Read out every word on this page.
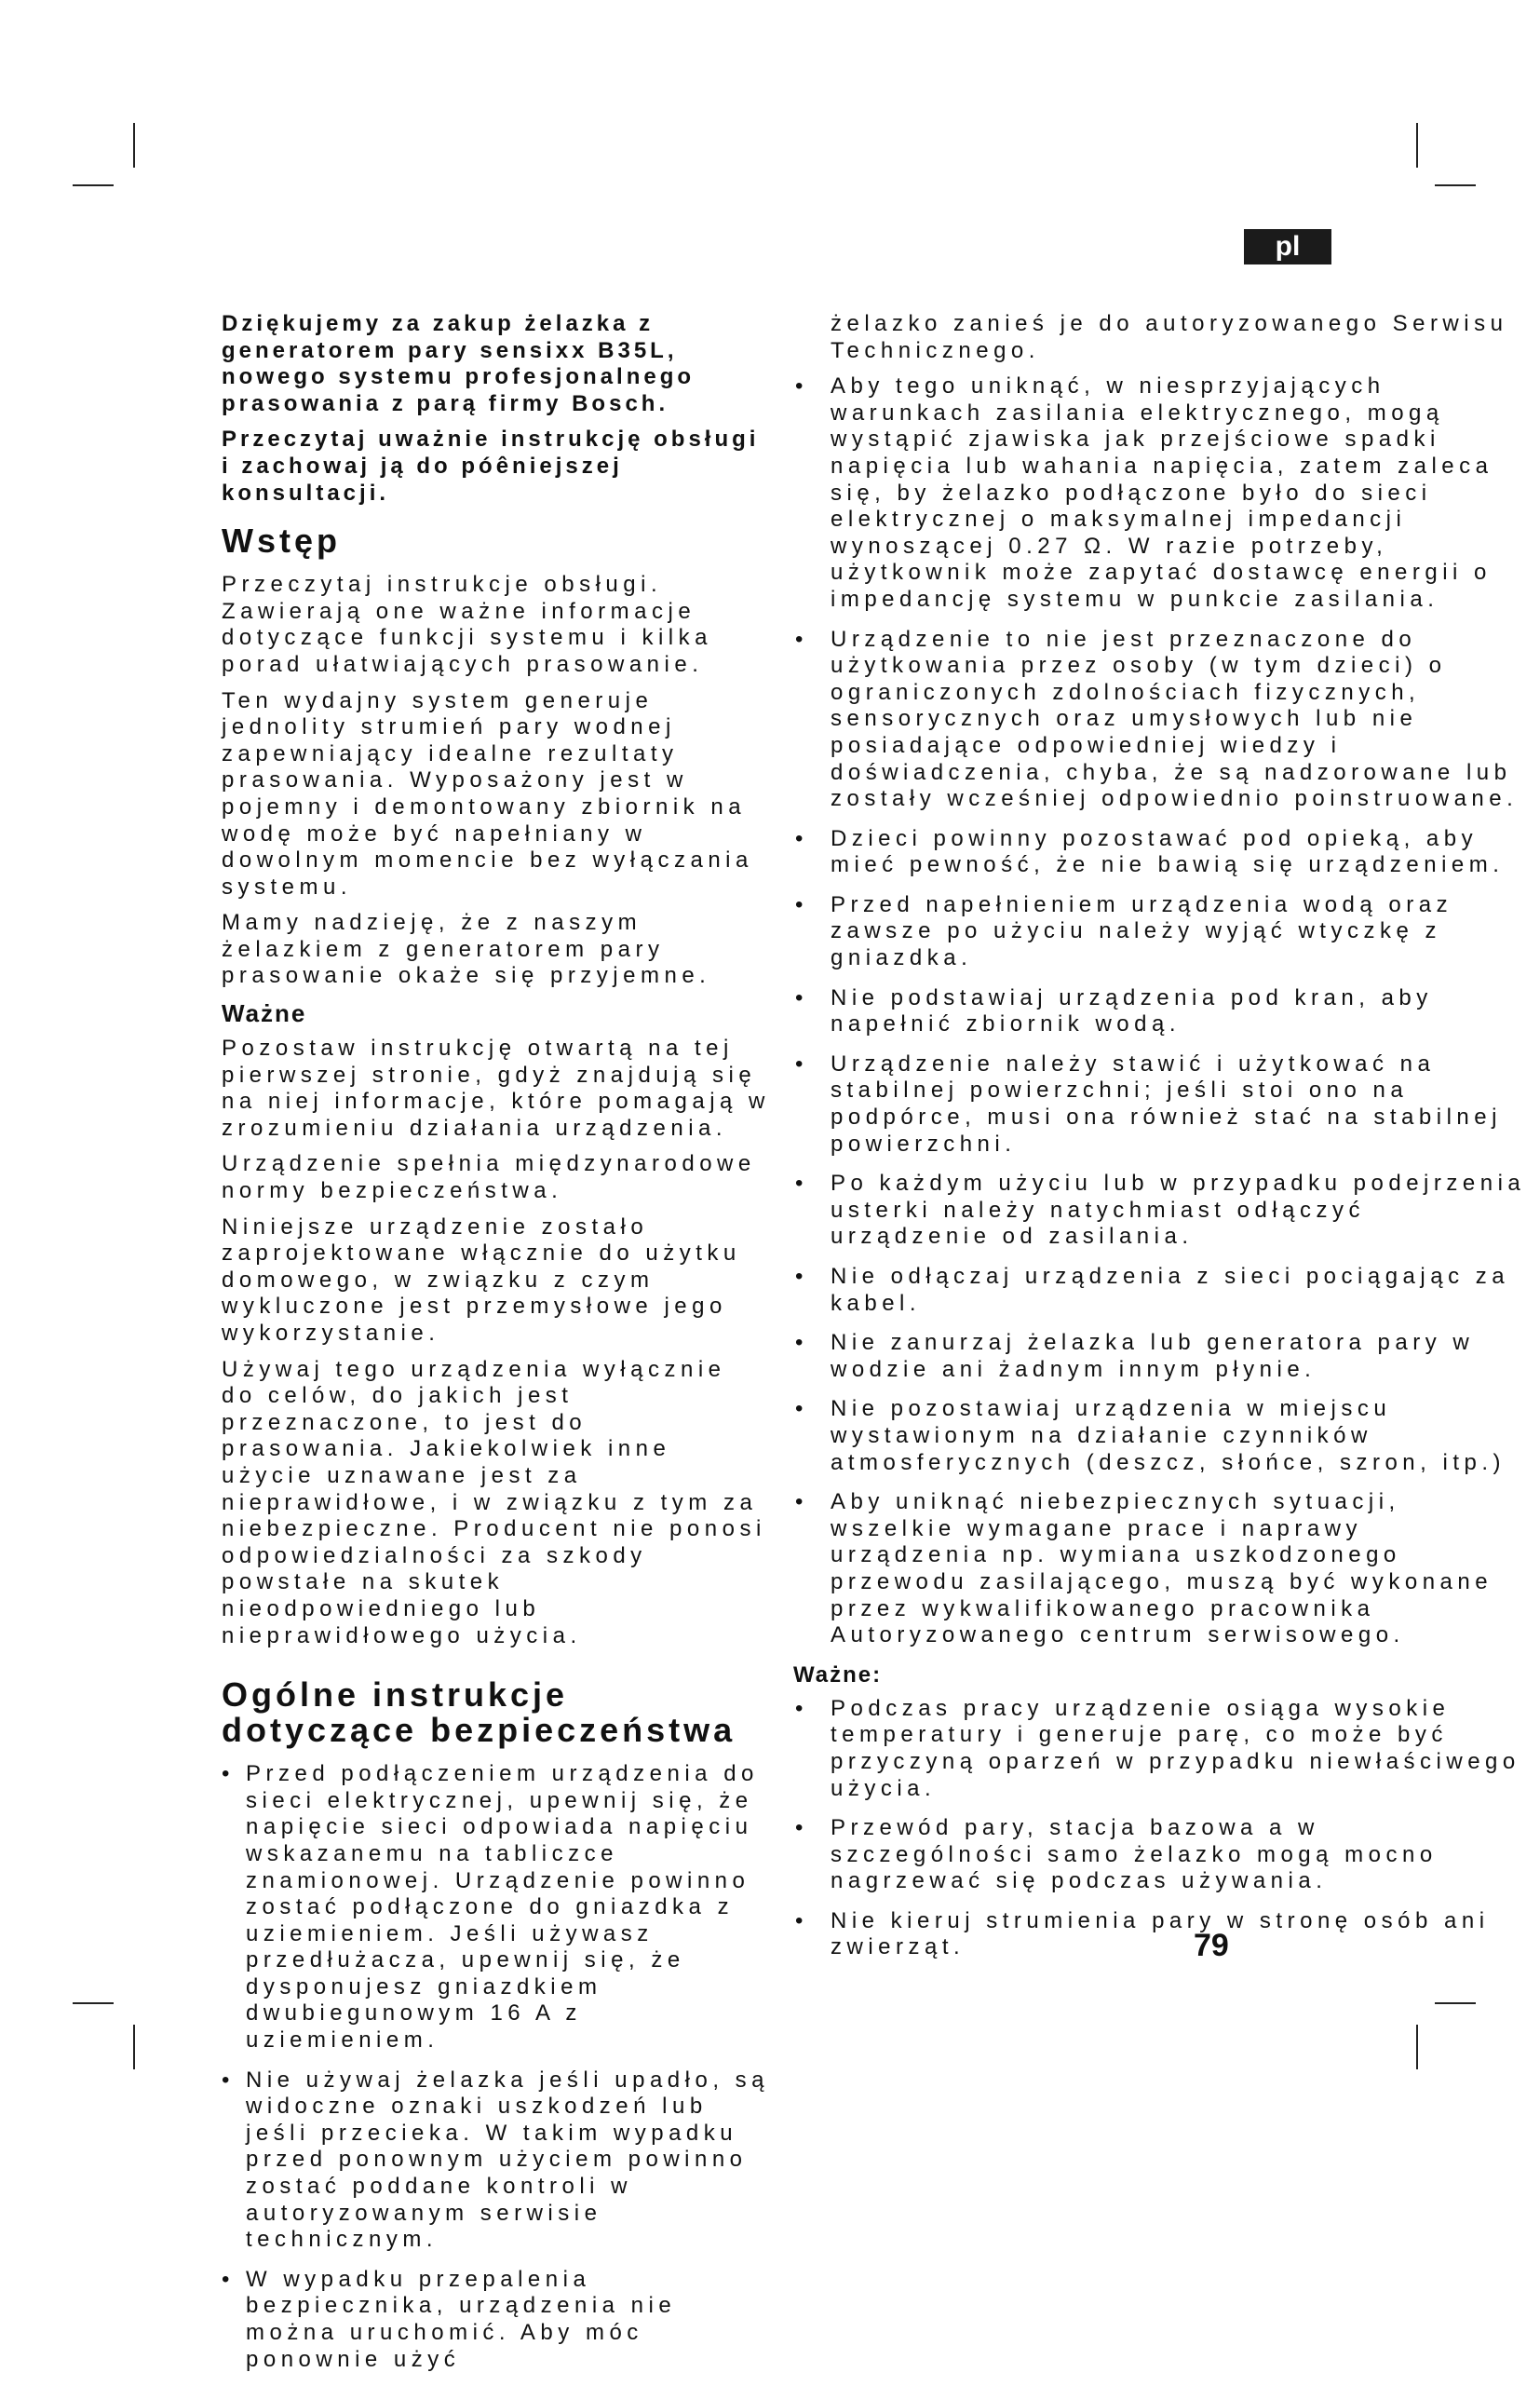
pl

Dziękujemy za zakup żelazka z generatorem pary sensixx B35L, nowego systemu profesjonalnego prasowania z parą firmy Bosch.

Przeczytaj uważnie instrukcję obsługi i zachowaj ją do póêniejszej konsultacji.

Wstęp

Przeczytaj instrukcje obsługi. Zawierają one ważne informacje dotyczące funkcji systemu i kilka porad ułatwiających prasowanie.

Ten wydajny system generuje jednolity strumień pary wodnej zapewniający idealne rezultaty prasowania. Wyposażony jest w pojemny i demontowany zbiornik na wodę może być napełniany w dowolnym momencie bez wyłączania systemu.

Mamy nadzieję, że z naszym żelazkiem z generatorem pary prasowanie okaże się przyjemne.

Ważne

Pozostaw instrukcję otwartą na tej pierwszej stronie, gdyż znajdują się na niej informacje, które pomagają w zrozumieniu działania urządzenia.

Urządzenie spełnia międzynarodowe normy bezpieczeństwa.

Niniejsze urządzenie zostało zaprojektowane włącznie do użytku domowego, w związku z czym wykluczone jest przemysłowe jego wykorzystanie.

Używaj tego urządzenia wyłącznie do celów, do jakich jest przeznaczone, to jest do prasowania. Jakiekolwiek inne użycie uznawane jest za nieprawidłowe, i w związku z tym za niebezpieczne. Producent nie ponosi odpowiedzialności za szkody powstałe na skutek nieodpowiedniego lub nieprawidłowego użycia.

Ogólne instrukcje dotyczące bezpieczeństwa
• Przed podłączeniem urządzenia do sieci elektrycznej, upewnij się, że napięcie sieci odpowiada napięciu wskazanemu na tabliczce znamionowej. Urządzenie powinno zostać podłączone do gniazdka z uziemieniem. Jeśli używasz przedłużacza, upewnij się, że dysponujesz gniazdkiem dwubiegunowym 16 A z uziemieniem.
• Nie używaj żelazka jeśli upadło, są widoczne oznaki uszkodzeń lub jeśli przecieka. W takim wypadku przed ponownym użyciem powinno zostać poddane kontroli w autoryzowanym serwisie technicznym.
• W wypadku przepalenia bezpiecznika, urządzenia nie można uruchomić. Aby móc ponownie użyć

żelazko zanieś je do autoryzowanego Serwisu Technicznego.

• Aby tego uniknąć, w niesprzyjających warunkach zasilania elektrycznego, mogą wystąpić zjawiska jak przejściowe spadki napięcia lub wahania napięcia, zatem zaleca się, by żelazko podłączone było do sieci elektrycznej o maksymalnej impedancji wynoszącej 0.27 Ω. W razie potrzeby, użytkownik może zapytać dostawcę energii o impedancję systemu w punkcie zasilania.
• Urządzenie to nie jest przeznaczone do użytkowania przez osoby (w tym dzieci) o ograniczonych zdolnościach fizycznych, sensorycznych oraz umysłowych lub nie posiadające odpowiedniej wiedzy i doświadczenia, chyba, że są nadzorowane lub zostały wcześniej odpowiednio poinstruowane.
• Dzieci powinny pozostawać pod opieką, aby mieć pewność, że nie bawią się urządzeniem.
• Przed napełnieniem urządzenia wodą oraz zawsze po użyciu należy wyjąć wtyczkę z gniazdka.
• Nie podstawiaj urządzenia pod kran, aby napełnić zbiornik wodą.
• Urządzenie należy stawić i użytkować na stabilnej powierzchni; jeśli stoi ono na podpórce, musi ona również stać na stabilnej powierzchni.
• Po każdym użyciu lub w przypadku podejrzenia usterki należy natychmiast odłączyć urządzenie od zasilania.
• Nie odłączaj urządzenia z sieci pociągając za kabel.
• Nie zanurzaj żelazka lub generatora pary w wodzie ani żadnym innym płynie.
• Nie pozostawiaj urządzenia w miejscu wystawionym na działanie czynników atmosferycznych (deszcz, słońce, szron, itp.)
• Aby uniknąć niebezpiecznych sytuacji, wszelkie wymagane prace i naprawy urządzenia np. wymiana uszkodzonego przewodu zasilającego, muszą być wykonane przez wykwalifikowanego pracownika Autoryzowanego centrum serwisowego.
Ważne:
• Podczas pracy urządzenie osiąga wysokie temperatury i generuje parę, co może być przyczyną oparzeń w przypadku niewłaściwego użycia.
• Przewód pary, stacja bazowa a w szczególności samo żelazko mogą mocno nagrzewać się podczas używania.
• Nie kieruj strumienia pary w stronę osób ani zwierząt.	79
